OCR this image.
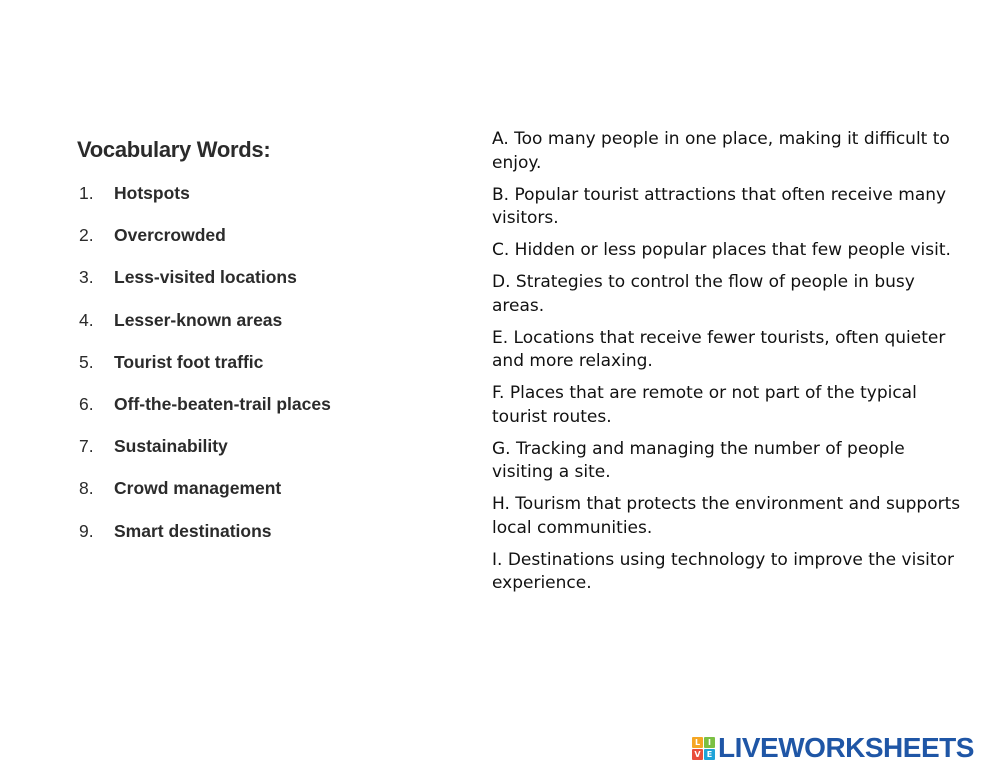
Vocabulary Words:
1.	Hotspots
2.	Overcrowded
3.	Less-visited locations
4.	Lesser-known areas
5.	Tourist foot traffic
6.	Off-the-beaten-trail places
7.	Sustainability
8.	Crowd management
9.	Smart destinations
A. Too many people in one place, making it difficult to enjoy.
B. Popular tourist attractions that often receive many visitors.
C. Hidden or less popular places that few people visit.
D. Strategies to control the flow of people in busy areas.
E. Locations that receive fewer tourists, often quieter and more relaxing.
F. Places that are remote or not part of the typical tourist routes.
G. Tracking and managing the number of people visiting a site.
H. Tourism that protects the environment and supports local communities.
I. Destinations using technology to improve the visitor experience.
L I
V E LIVEWORKSHEETS
